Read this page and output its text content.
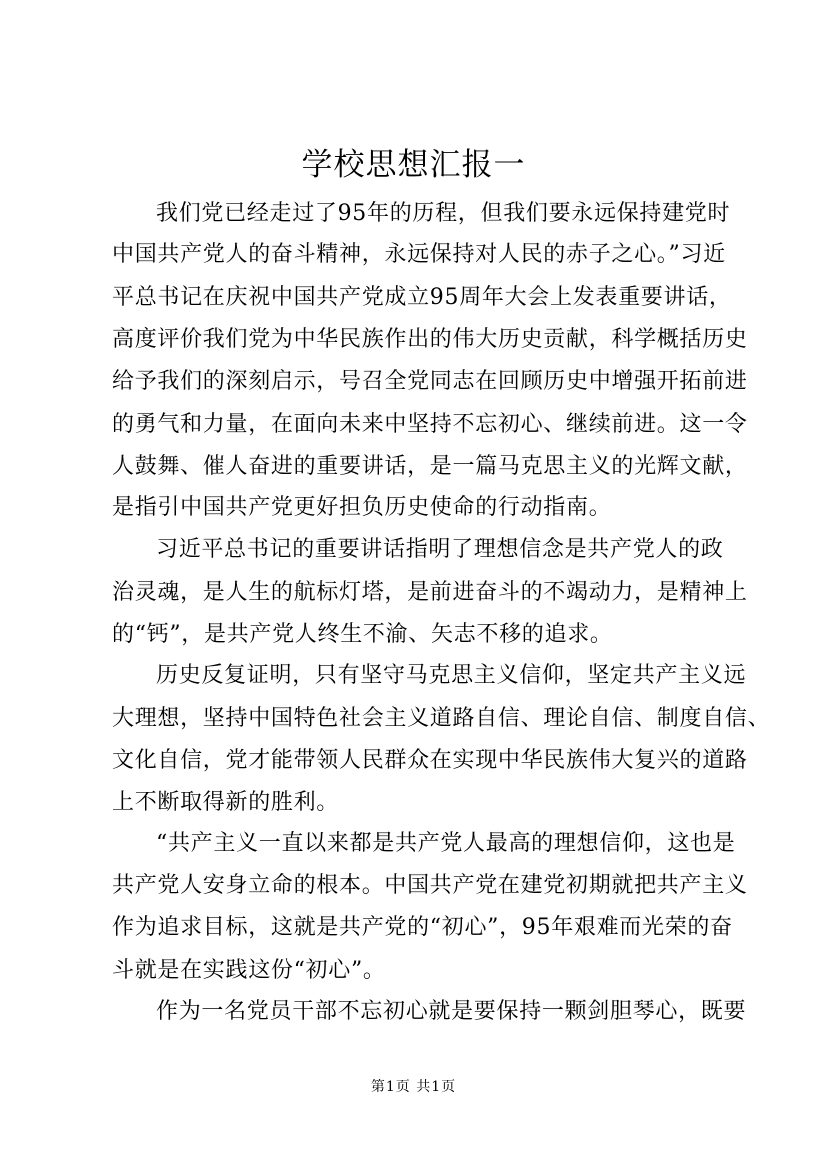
学校思想汇报一
我们党已经走过了95年的历程，但我们要永远保持建党时
中国共产党人的奋斗精神，永远保持对人民的赤子之心。”习近
平总书记在庆祝中国共产党成立95周年大会上发表重要讲话，
高度评价我们党为中华民族作出的伟大历史贡献，科学概括历史
给予我们的深刻启示，号召全党同志在回顾历史中增强开拓前进
的勇气和力量，在面向未来中坚持不忘初心、继续前进。这一令
人鼓舞、催人奋进的重要讲话，是一篇马克思主义的光辉文献，
是指引中国共产党更好担负历史使命的行动指南。
习近平总书记的重要讲话指明了理想信念是共产党人的政
治灵魂，是人生的航标灯塔，是前进奋斗的不竭动力，是精神上
的“钙”，是共产党人终生不渝、矢志不移的追求。
历史反复证明，只有坚守马克思主义信仰，坚定共产主义远
大理想，坚持中国特色社会主义道路自信、理论自信、制度自信、
文化自信，党才能带领人民群众在实现中华民族伟大复兴的道路
上不断取得新的胜利。
“共产主义一直以来都是共产党人最高的理想信仰，这也是
共产党人安身立命的根本。中国共产党在建党初期就把共产主义
作为追求目标，这就是共产党的“初心”，95年艰难而光荣的奋
斗就是在实践这份“初心”。
作为一名党员干部不忘初心就是要保持一颗剑胆琴心，既要
第1页 共1页
